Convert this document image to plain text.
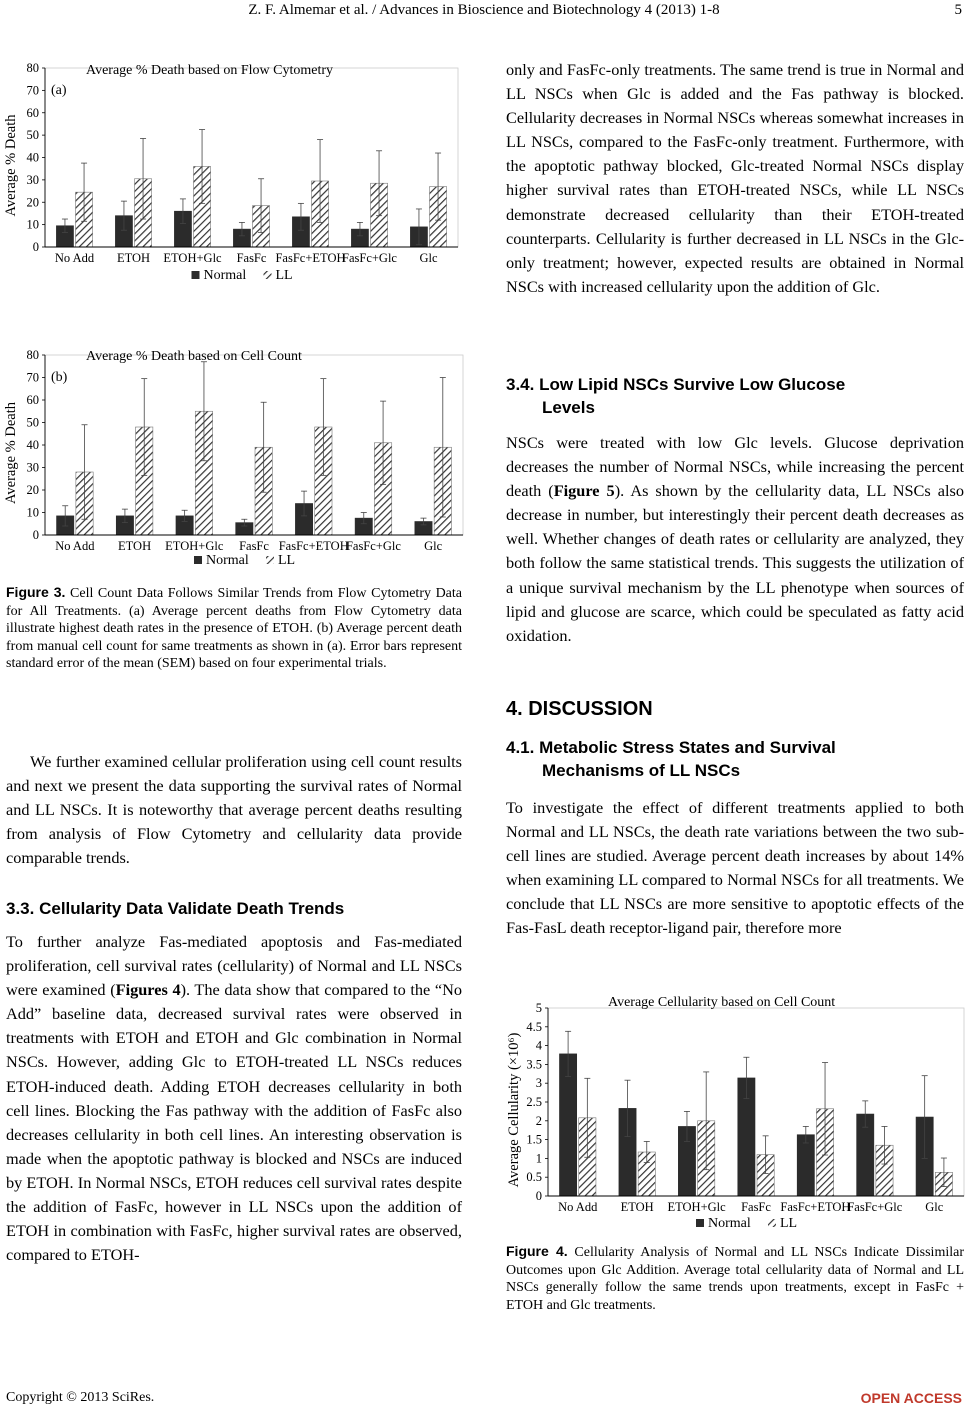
Z. F. Almemar et al. / Advances in Bioscience and Biotechnology 4 (2013) 1-8	5
Average % Death based on Flow Cytometry
(a)
0
10
20
30
40
50
60
70
80
Average % Death
No Add ETOH ETOH+Glc FasFc FasFc+ETOH
FasFc+Glc Glc
Normal LL
Average % Death based on Cell Count
(b)
0
10
20
30
40
50
60
70
80
Average % Death
No Add ETOH ETOH+Glc FasFc FasFc+ETOH
FasFc+Glc Glc
Normal LL
Average Cellularity based on Cell Count
0
0.5
1
1.5
2
2.5
3
3.5
4
4.5
5
Average Cellularity (×10⁶)
No Add ETOH ETOH+Glc FasFc FasFc+ETOH
FasFc+Glc Glc
Normal LL

Figure 3. Cell Count Data Follows Similar Trends from Flow Cytometry Data for All Treatments. (a) Average percent deaths from Flow Cytometry data illustrate highest death rates in the presence of ETOH. (b) Average percent death from manual cell count for same treatments as shown in (a). Error bars represent standard error of the mean (SEM) based on four experimental trials.

We further examined cellular proliferation using cell count results and next we present the data supporting the survival rates of Normal and LL NSCs. It is noteworthy that average percent deaths resulting from analysis of Flow Cytometry and cellularity data provide comparable trends.

3.3. Cellularity Data Validate Death Trends

To further analyze Fas-mediated apoptosis and Fas-mediated proliferation, cell survival rates (cellularity) of Normal and LL NSCs were examined (Figures 4). The data show that compared to the “No Add” baseline data, decreased survival rates were observed in treatments with ETOH and ETOH and Glc combination in Normal NSCs. However, adding Glc to ETOH-treated LL NSCs reduces ETOH-induced death. Adding ETOH decreases cellularity in both cell lines. Blocking the Fas pathway with the addition of FasFc also decreases cellularity in both cell lines. An interesting observation is made when the apoptotic pathway is blocked and NSCs are induced by ETOH. In Normal NSCs, ETOH reduces cell survival rates despite the addition of FasFc, however in LL NSCs upon the addition of ETOH in combination with FasFc, higher survival rates are observed, compared to ETOH-

only and FasFc-only treatments. The same trend is true in Normal and LL NSCs when Glc is added and the Fas pathway is blocked. Cellularity decreases in Normal NSCs whereas somewhat increases in LL NSCs, compared to the FasFc-only treatment. Furthermore, with the apoptotic pathway blocked, Glc-treated Normal NSCs display higher survival rates than ETOH-treated NSCs, while LL NSCs demonstrate decreased cellularity than their ETOH-treated counterparts. Cellularity is further decreased in LL NSCs in the Glc-only treatment; however, expected results are obtained in Normal NSCs with increased cellularity upon the addition of Glc.

3.4. Low Lipid NSCs Survive Low Glucose
Levels

NSCs were treated with low Glc levels. Glucose deprivation decreases the number of Normal NSCs, while increasing the percent death (Figure 5). As shown by the cellularity data, LL NSCs also decrease in number, but interestingly their percent death decreases as well. Whether changes of death rates or cellularity are analyzed, they both follow the same statistical trends. This suggests the utilization of a unique survival mechanism by the LL phenotype when sources of lipid and glucose are scarce, which could be speculated as fatty acid oxidation.

4. DISCUSSION

4.1. Metabolic Stress States and Survival
Mechanisms of LL NSCs

To investigate the effect of different treatments applied to both Normal and LL NSCs, the death rate variations between the two sub-cell lines are studied. Average percent death increases by about 14% when examining LL compared to Normal NSCs for all treatments. We conclude that LL NSCs are more sensitive to apoptotic effects of the Fas-FasL death receptor-ligand pair, therefore more

Figure 4. Cellularity Analysis of Normal and LL NSCs Indicate Dissimilar Outcomes upon Glc Addition. Average total cellularity data of Normal and LL NSCs generally follow the same trends upon treatments, except in FasFc + ETOH and Glc treatments.

Copyright © 2013 SciRes.	OPEN ACCESS
